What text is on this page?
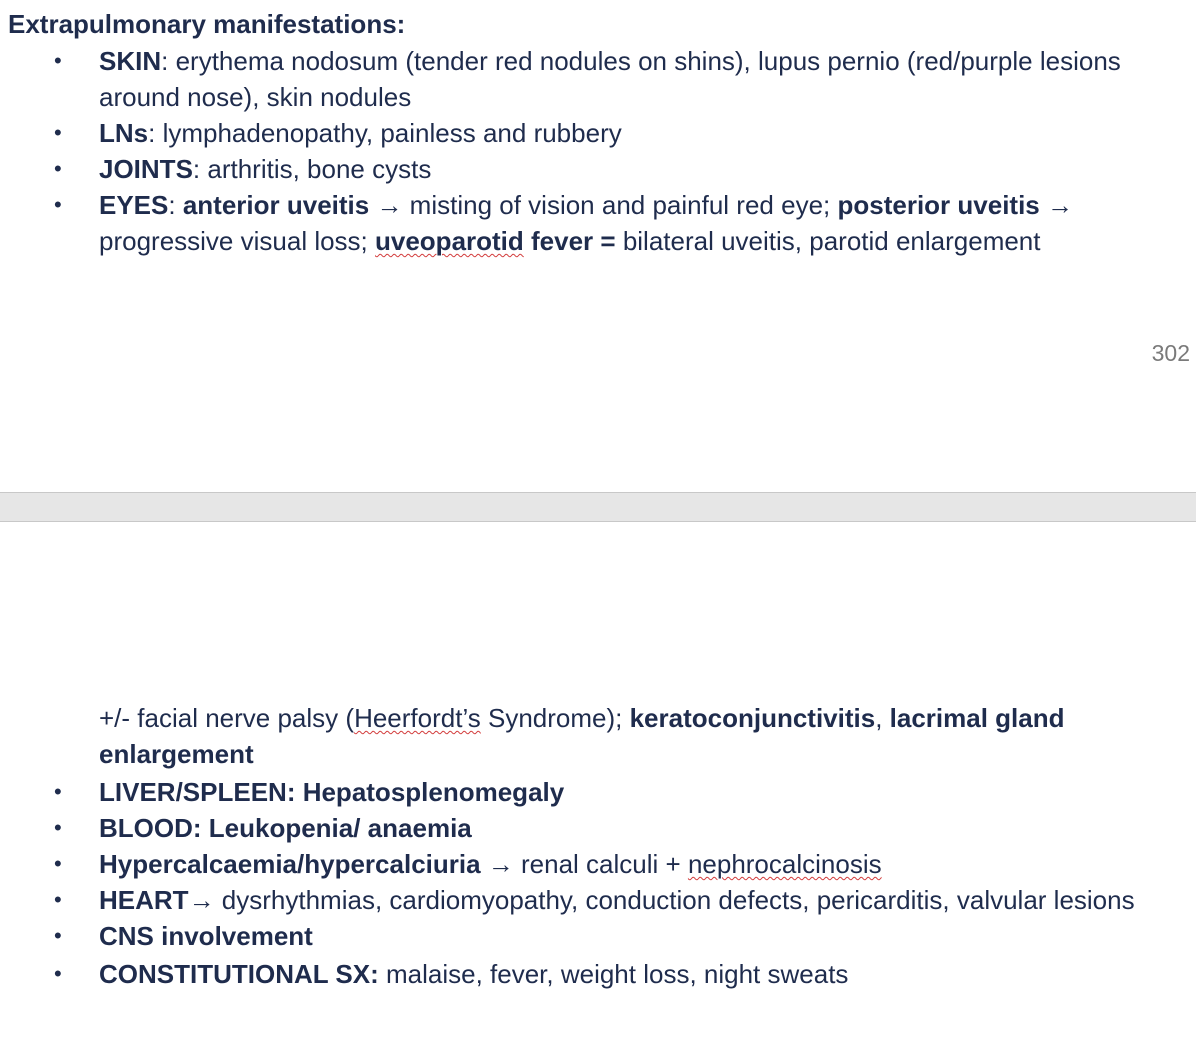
Extrapulmonary manifestations:

• SKIN: erythema nodosum (tender red nodules on shins), lupus pernio (red/purple lesions around nose), skin nodules
• LNs: lymphadenopathy, painless and rubbery
• JOINTS: arthritis, bone cysts
• EYES: anterior uveitis → misting of vision and painful red eye; posterior uveitis → progressive visual loss; uveoparotid fever = bilateral uveitis, parotid enlargement
302

+/- facial nerve palsy (Heerfordt’s Syndrome); keratoconjunctivitis, lacrimal gland enlargement

• LIVER/SPLEEN: Hepatosplenomegaly
• BLOOD: Leukopenia/ anaemia
• Hypercalcaemia/hypercalciuria → renal calculi + nephrocalcinosis
• HEART→ dysrhythmias, cardiomyopathy, conduction defects, pericarditis, valvular lesions
• CNS involvement
• CONSTITUTIONAL SX: malaise, fever, weight loss, night sweats
